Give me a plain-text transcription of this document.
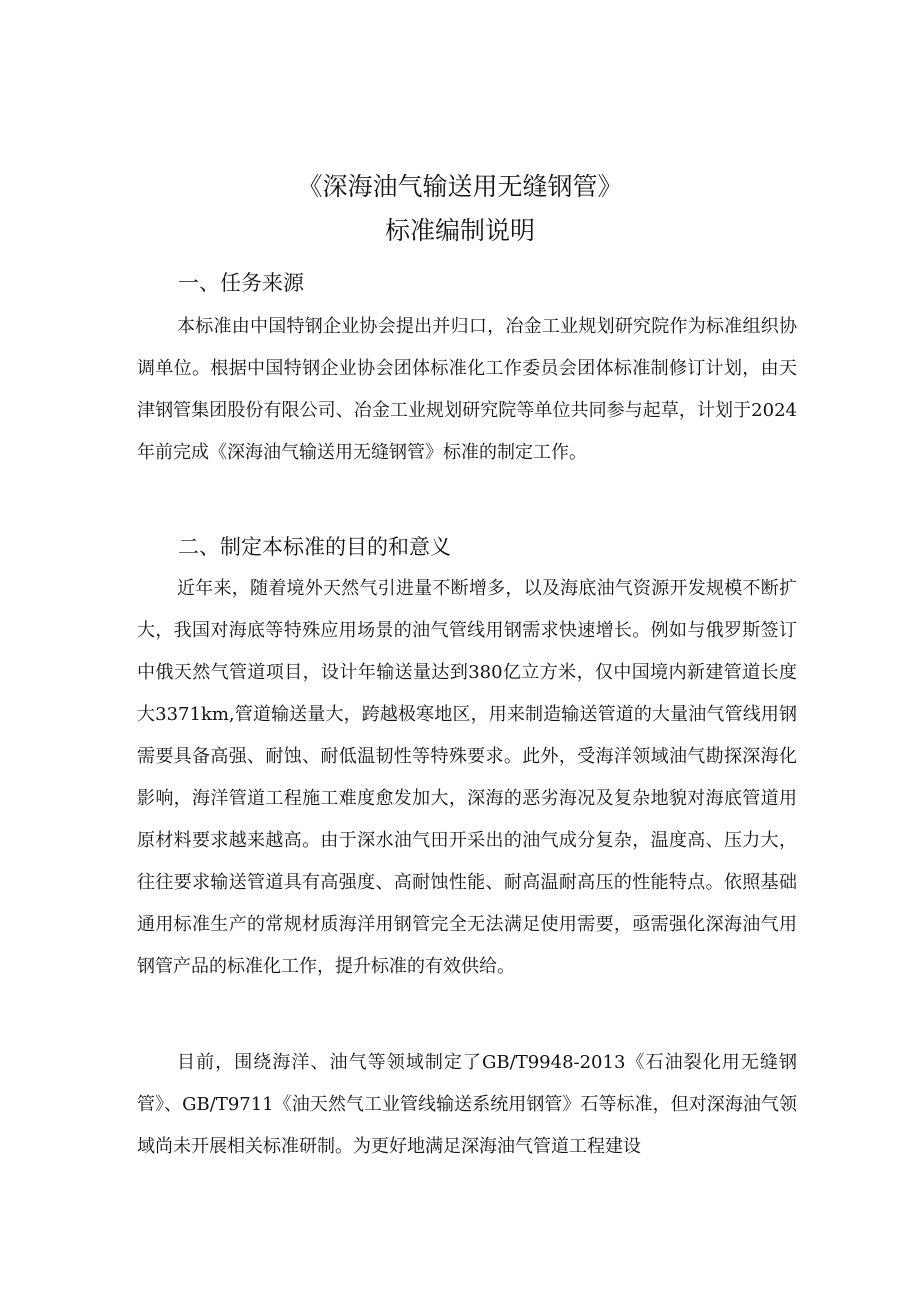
《深海油气输送用无缝钢管》
标准编制说明
一、任务来源

本标准由中国特钢企业协会提出并归口，冶金工业规划研究院作为标准组织协调单位。根据中国特钢企业协会团体标准化工作委员会团体标准制修订计划，由天津钢管集团股份有限公司、冶金工业规划研究院等单位共同参与起草，计划于2024年前完成《深海油气输送用无缝钢管》标准的制定工作。

二、制定本标准的目的和意义

近年来，随着境外天然气引进量不断增多，以及海底油气资源开发规模不断扩大，我国对海底等特殊应用场景的油气管线用钢需求快速增长。例如与俄罗斯签订中俄天然气管道项目，设计年输送量达到380亿立方米，仅中国境内新建管道长度大3371km,管道输送量大，跨越极寒地区，用来制造输送管道的大量油气管线用钢需要具备高强、耐蚀、耐低温韧性等特殊要求。此外，受海洋领域油气勘探深海化影响，海洋管道工程施工难度愈发加大，深海的恶劣海况及复杂地貌对海底管道用原材料要求越来越高。由于深水油气田开采出的油气成分复杂，温度高、压力大，往往要求输送管道具有高强度、高耐蚀性能、耐高温耐高压的性能特点。依照基础通用标准生产的常规材质海洋用钢管完全无法满足使用需要，亟需强化深海油气用钢管产品的标准化工作，提升标准的有效供给。

目前，围绕海洋、油气等领域制定了GB/T9948-2013《石油裂化用无缝钢管》、GB/T9711《油天然气工业管线输送系统用钢管》石等标准，但对深海油气领域尚未开展相关标准研制。为更好地满足深海油气管道工程建设
